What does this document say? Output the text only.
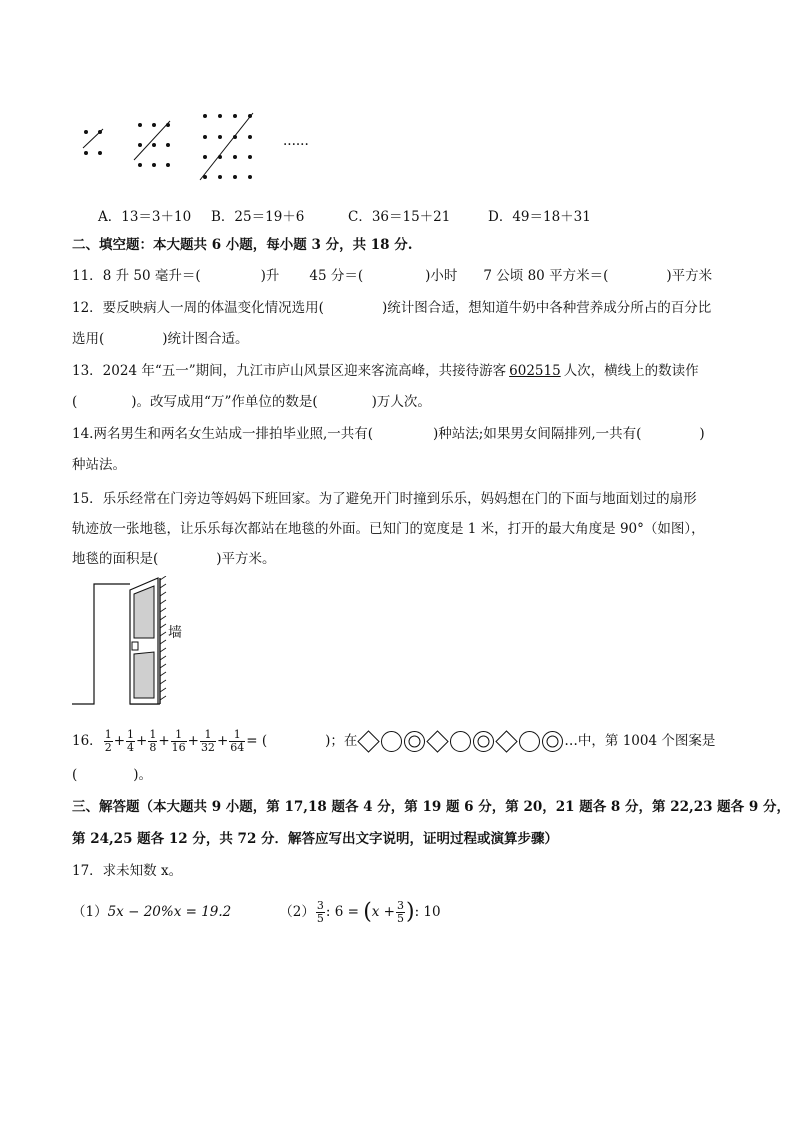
......
A．13＝3＋10 B．25＝19＋6	C．36＝15＋21	D．49＝18＋31
二、填空题：本大题共 6 小题，每小题 3 分，共 18 分.
11．8 升 50 毫升＝(	)升 45 分＝(	)小时 7 公顷 80 平方米＝(	)平方米
12．要反映病人一周的体温变化情况选用(	)统计图合适，想知道牛奶中各种营养成分所占的百分比
选用(	)统计图合适。
13．2024 年“五一”期间，九江市庐山风景区迎来客流高峰，共接待游客 602515 人次，横线上的数读作
(	)。改写成用“万”作单位的数是(	)万人次。
14.两名男生和两名女生站成一排拍毕业照,一共有(	)种站法;如果男女间隔排列,一共有(	)
种站法。
15．乐乐经常在门旁边等妈妈下班回家。为了避免开门时撞到乐乐，妈妈想在门的下面与地面划过的扇形
轨迹放一张地毯，让乐乐每次都站在地毯的外面。已知门的宽度是 1 米，打开的最大角度是 90°（如图），
地毯的面积是(	)平方米。
墙
16． $\frac{1}{2} + \frac{1}{4} + \frac{1}{8} + \frac{1}{16} + \frac{1}{32} + \frac{1}{64}$ = (	)；在	…中，第 1004 个图案是
(	)。
三、解答题（本大题共 9 小题，第 17,18 题各 4 分，第 19 题 6 分，第 20，21 题各 8 分，第 22,23 题各 9 分，
第 24,25 题各 12 分，共 72 分．解答应写出文字说明，证明过程或演算步骤）
17．求未知数 x。
（1）5x − 20%x = 19.2	$(2) \frac{3}{5}$ : $6 = (x + \frac{3}{5}$ ): 10
